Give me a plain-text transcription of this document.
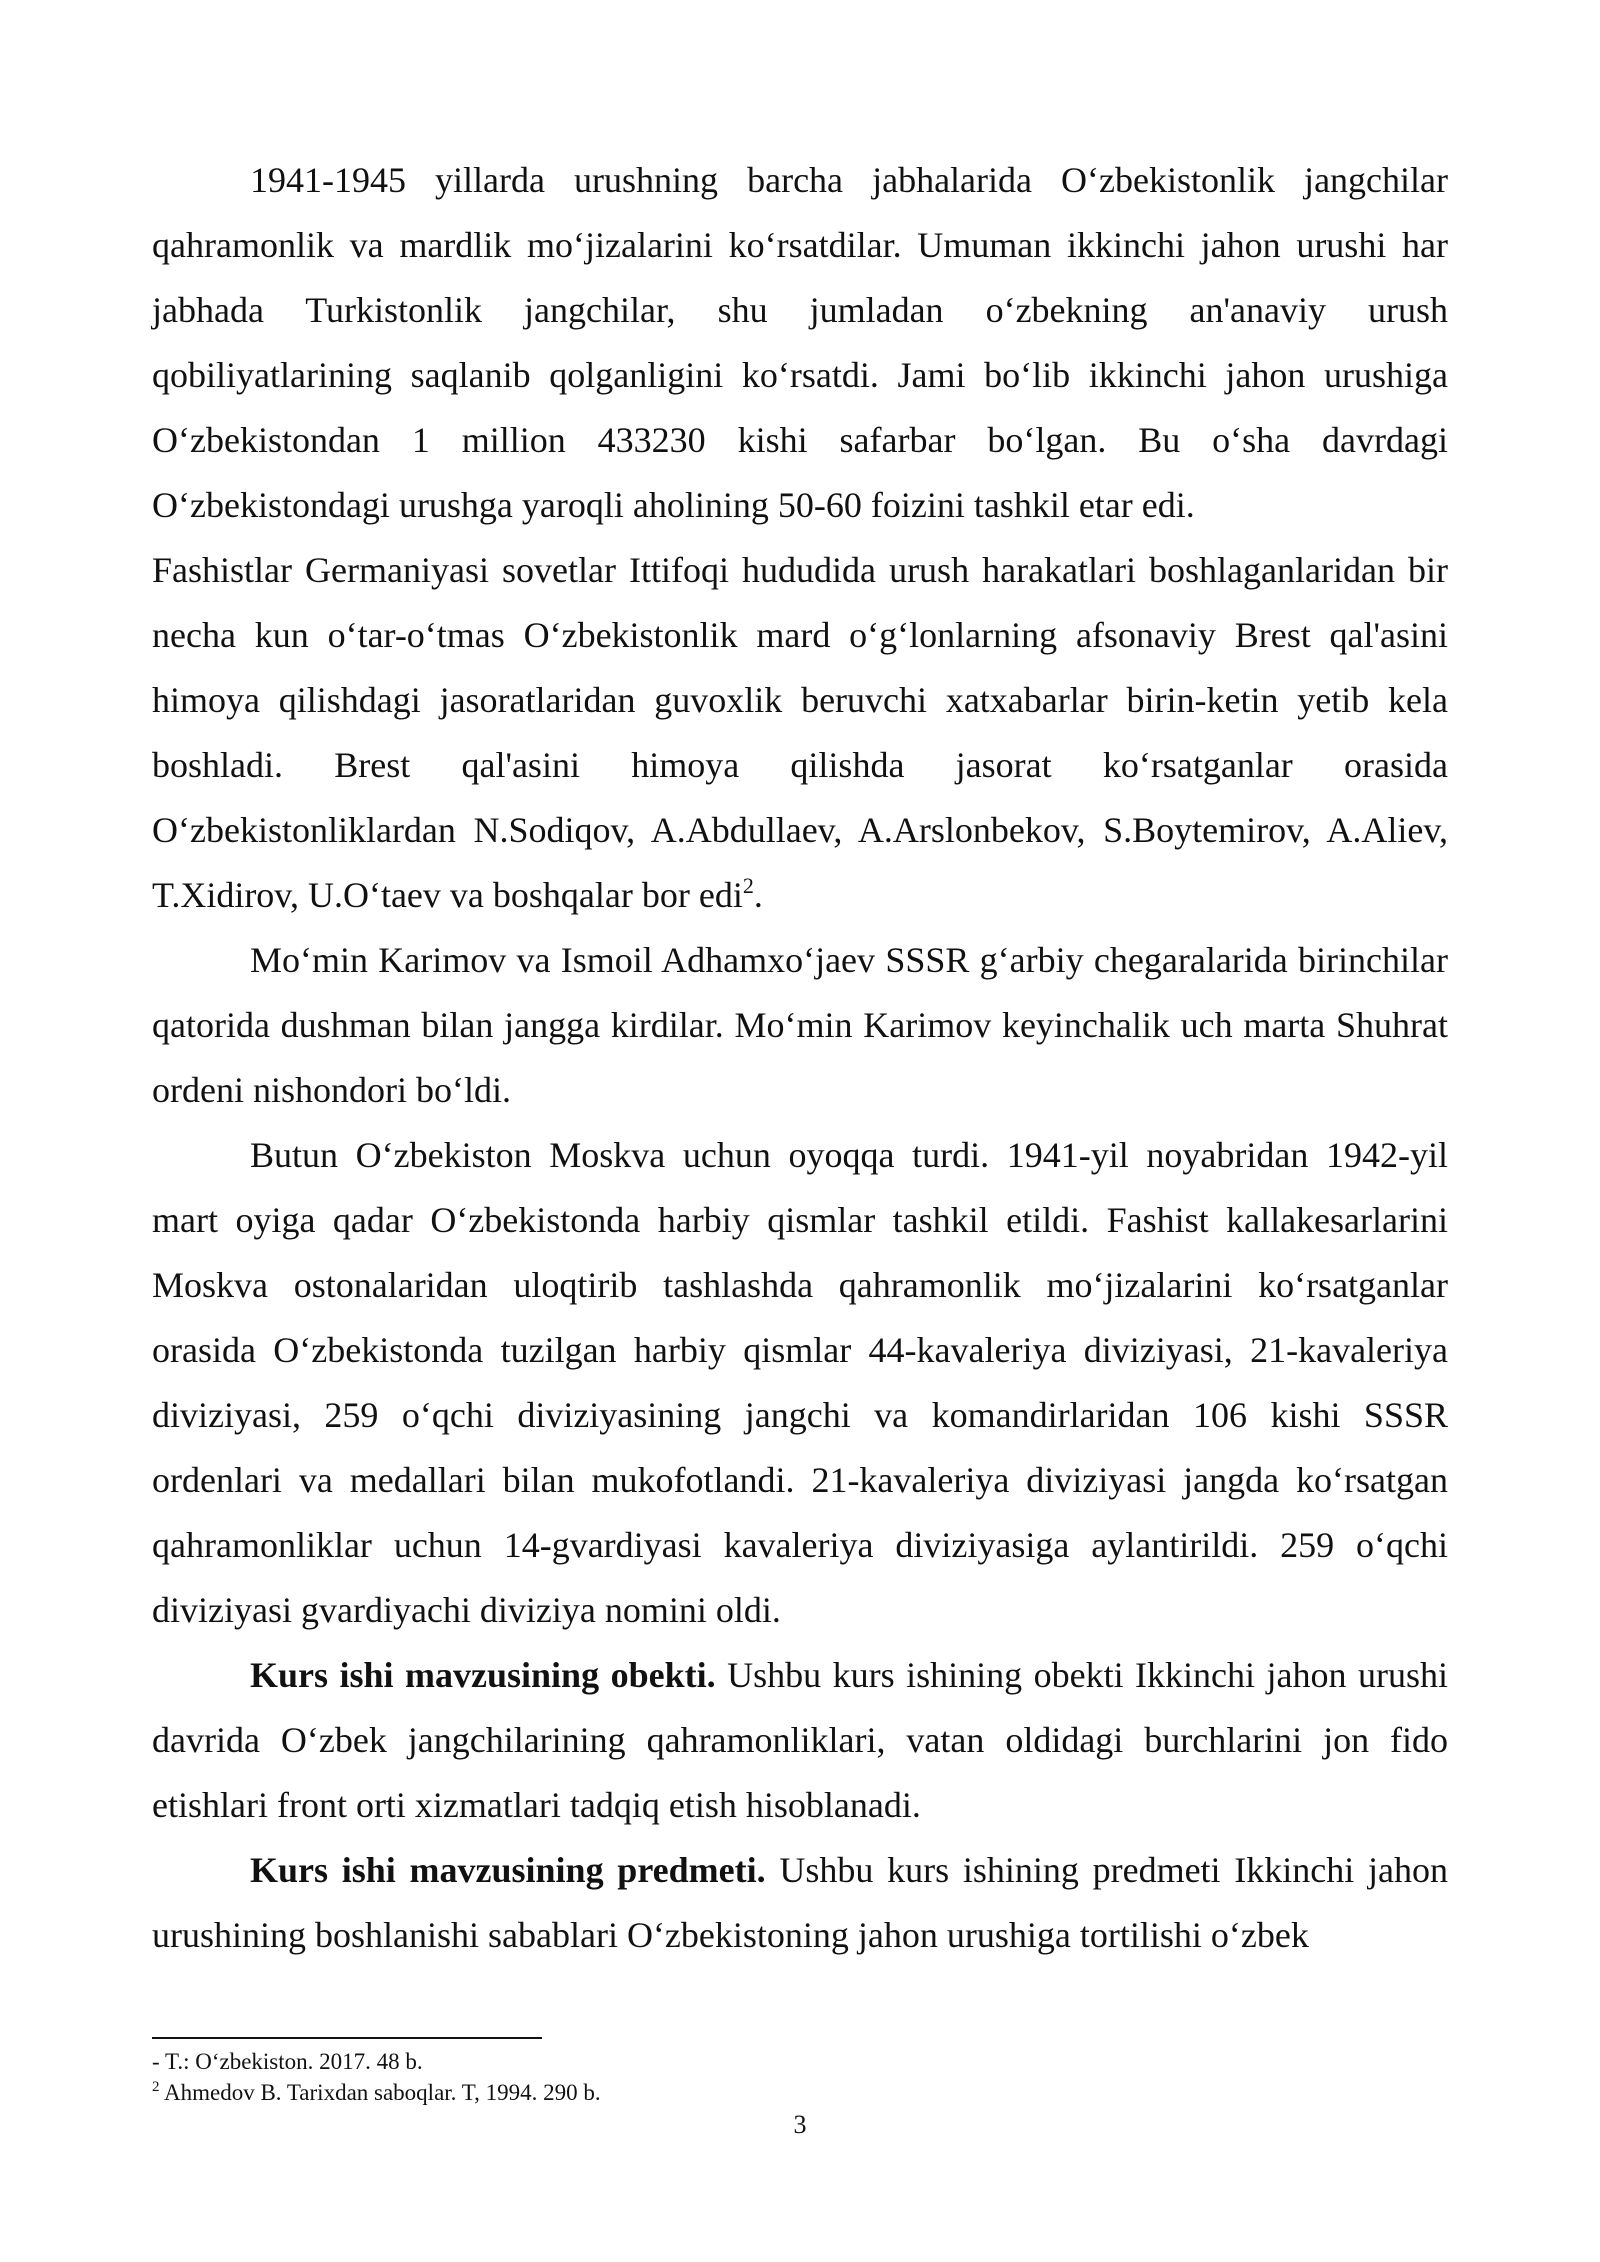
1941-1945 yillarda urushning barcha jabhalarida O‘zbekistonlik jangchilar qahramonlik va mardlik mo‘jizalarini ko‘rsatdilar. Umuman ikkinchi jahon urushi har jabhada Turkistonlik jangchilar, shu jumladan o‘zbekning an'anaviy urush qobiliyatlarining saqlanib qolganligini ko‘rsatdi. Jami bo‘lib ikkinchi jahon urushiga O‘zbekistondan 1 million 433230 kishi safarbar bo‘lgan. Bu o‘sha davrdagi O‘zbekistondagi urushga yaroqli aholining 50-60 foizini tashkil etar edi.

Fashistlar Germaniyasi sovetlar Ittifoqi hududida urush harakatlari boshlaganlaridan bir necha kun o‘tar-o‘tmas O‘zbekistonlik mard o‘g‘lonlarning afsonaviy Brest qal'asini himoya qilishdagi jasoratlaridan guvoxlik beruvchi xatxabarlar birin-ketin yetib kela boshladi. Brest qal'asini himoya qilishda jasorat ko‘rsatganlar orasida O‘zbekistonliklardan N.Sodiqov, A.Abdullaev, A.Arslonbekov, S.Boytemirov, A.Aliev, T.Xidirov, U.O‘taev va boshqalar bor edi$^2$.

Mo‘min Karimov va Ismoil Adhamxo‘jaev SSSR g‘arbiy chegaralarida birinchilar qatorida dushman bilan jangga kirdilar. Mo‘min Karimov keyinchalik uch marta Shuhrat ordeni nishondori bo‘ldi.

Butun O‘zbekiston Moskva uchun oyoqqa turdi. 1941-yil noyabridan 1942-yil mart oyiga qadar O‘zbekistonda harbiy qismlar tashkil etildi. Fashist kallakesarlarini Moskva ostonalaridan uloqtirib tashlashda qahramonlik mo‘jizalarini ko‘rsatganlar orasida O‘zbekistonda tuzilgan harbiy qismlar 44-kavaleriya diviziyasi, 21-kavaleriya diviziyasi, 259 o‘qchi diviziyasining jangchi va komandirlaridan 106 kishi SSSR ordenlari va medallari bilan mukofotlandi. 21-kavaleriya diviziyasi jangda ko‘rsatgan qahramonliklar uchun 14-gvardiyasi kavaleriya diviziyasiga aylantirildi. 259 o‘qchi diviziyasi gvardiyachi diviziya nomini oldi.

Kurs ishi mavzusining obekti. Ushbu kurs ishining obekti Ikkinchi jahon urushi davrida O‘zbek jangchilarining qahramonliklari, vatan oldidagi burchlarini jon fido etishlari front orti xizmatlari tadqiq etish hisoblanadi.

Kurs ishi mavzusining predmeti. Ushbu kurs ishining predmeti Ikkinchi jahon urushining boshlanishi sabablari O‘zbekistoning jahon urushiga tortilishi o‘zbek

- T.: O‘zbekiston. 2017. 48 b.
$^2$ Ahmedov B. Tarixdan saboqlar. T, 1994. 290 b.
3
